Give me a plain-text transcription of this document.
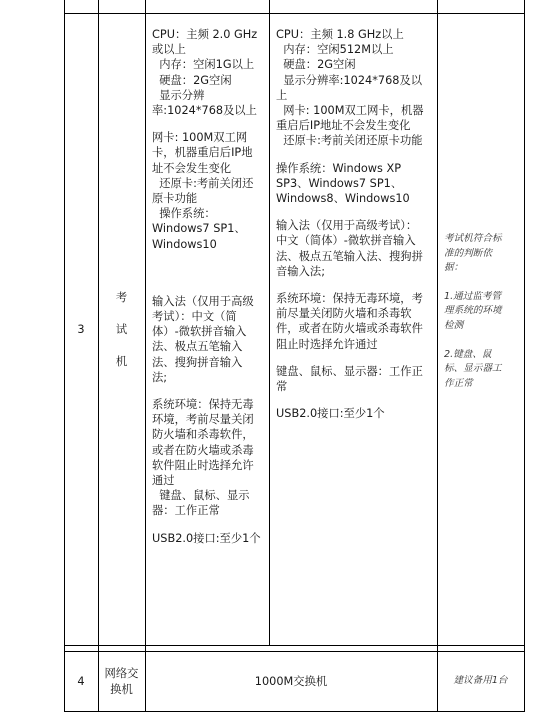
3
考
试
机

CPU：主频 2.0 GHz

或以上

内存：空闲1G以上

硬盘：2G空闲

显示分辨

率:1024*768及以上

网卡: 100M双工网

卡，机器重启后IP地

址不会发生变化

还原卡:考前关闭还

原卡功能

操作系统：

Windows7 SP1、

Windows10

输入法（仅用于高级

考试）：中文（简

体）-微软拼音输入

法、极点五笔输入

法、搜狗拼音输入

法;

系统环境：保持无毒

环境，考前尽量关闭

防火墙和杀毒软件，

或者在防火墙或杀毒

软件阻止时选择允许

通过

键盘、鼠标、显示

器：工作正常

USB2.0接口:至少1个

CPU：主频 1.8 GHz以上

内存：空闲512M以上

硬盘：2G空闲

显示分辨率:1024*768及以

上

网卡: 100M双工网卡，机器

重启后IP地址不会发生变化

还原卡:考前关闭还原卡功能

操作系统：Windows XP

SP3、Windows7 SP1、

Windows8、Windows10

输入法（仅用于高级考试）：

中文（简体）-微软拼音输入

法、极点五笔输入法、搜狗拼

音输入法;

系统环境：保持无毒环境，考

前尽量关闭防火墙和杀毒软

件，或者在防火墙或杀毒软件

阻止时选择允许通过

键盘、鼠标、显示器：工作正

常

USB2.0接口:至少1个

考试机符合标

准的判断依

据：

1.通过监考管

理系统的环境

检测

2.键盘、鼠

标、显示器工

作正常

4
网络交
换机
1000M交换机	建议备用1台
